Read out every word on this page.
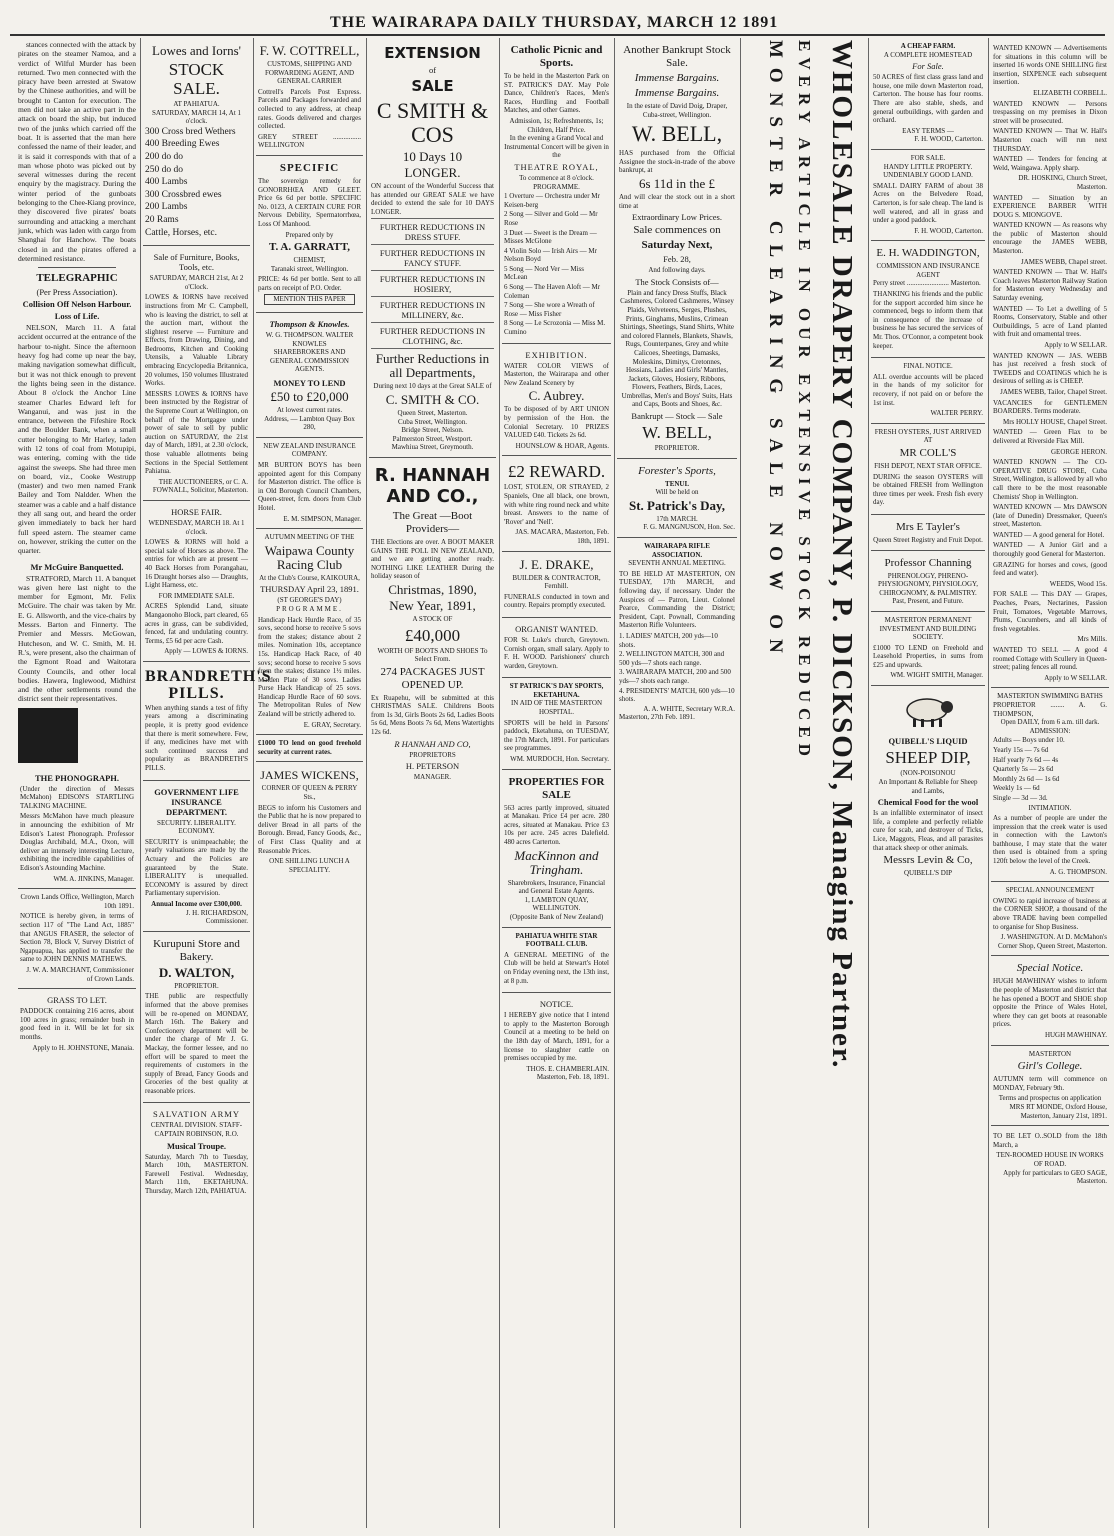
THE WAIRARAPA DAILY THURSDAY, MARCH 12 1891

stances connected with the attack by pirates on the steamer Namoa, and a verdict of Wilful Murder has been returned. Two men connected with the piracy have been arrested at Swatow by the Chinese authorities, and will be brought to Canton for execution. The men did not take an active part in the attack on board the ship, but induced two of the junks which carried off the boat. It is asserted that the man here confessed the name of their leader, and it is said it corresponds with that of a man whose photo was picked out by several witnesses during the recent enquiry by the magistracy. During the winter period of the gunboats belonging to the Chee-Kiang province, they discovered five pirates' boats surrounding and attacking a merchant junk, which was laden with cargo from Shanghai for Hanchow. The boats closed in and the pirates offered a determined resistance.

TELEGRAPHIC
(Per Press Association).
Collision Off Nelson Harbour.
Loss of Life.

NELSON, March 11. A fatal accident occurred at the entrance of the harbour to-night. Since the afternoon heavy fog had come up near the bay, making navigation somewhat difficult, but it was not thick enough to prevent the lights being seen in the distance. About 8 o'clock the Anchor Line steamer Charles Edward left for Wanganui, and was just in the entrance, between the Fifeshire Rock and the Boulder Bank, when a small cutter belonging to Mr Harley, laden with 12 tons of coal from Motupipi, was entering, coming with the tide against the sweeps. She had three men on board, viz., Cooke Westrupp (master) and two men named Frank Bailey and Tom Naldder. When the steamer was a cable and a half distance they all sang out, and heard the order given immediately to back her hard full speed astern. The steamer came on, however, striking the cutter on the quarter.

Mr McGuire Banquetted.

STRATFORD, March 11. A banquet was given here last night to the member for Egmont, Mr. Felix McGuire. The chair was taken by Mr. E. G. Allsworth, and the vice-chairs by Messrs. Barton and Finnerty. The Premier and Messrs. McGowan, Hutcheson, and W. C. Smith, M. H. R.'s, were present, also the chairman of the Egmont Road and Waitotara County Councils, and other local bodies. Hawera, Inglewood, Midhirst and the other settlements round the district sent their representatives.

THE PHONOGRAPH.
(Under the direction of Messrs McMahon) EDISON'S STARTLING TALKING MACHINE.

Messrs McMahon have much pleasure in announcing the exhibition of Mr Edison's Latest Phonograph. Professor Douglas Archibald, M.A., Oxon, will deliver an intensely interesting Lecture, exhibiting the incredible capabilities of Edison's Astounding Machine.

WM. A. JINKINS, Manager.
Crown Lands Office, Wellington, March 10th 1891.

NOTICE is hereby given, in terms of section 117 of "The Land Act, 1885" that ANGUS FRASER, the selector of Section 78, Block V, Survey District of Ngapuapua, has applied to transfer the same to JOHN DENNIS MATHEWS.

J. W. A. MARCHANT, Commissioner of Crown Lands.
GRASS TO LET.

PADDOCK containing 216 acres, about 100 acres in grass; remainder bush in good feed in it. Will be let for six months.

Apply to H. JOHNSTONE, Manaia.
Lowes and Iorns'
STOCK SALE.
AT PAHIATUA.
SATURDAY, MARCH 14, At 1 o'clock.
300 Cross bred Wethers
400 Breeding Ewes
200 do do
250 do do
400 Lambs
300 Crossbred ewes
200 Lambs
20 Rams
Cattle, Horses, etc.
Sale of Furniture, Books, Tools, etc.
SATURDAY, MARCH 21st, At 2 o'Clock.

LOWES & IORNS have received instructions from Mr C. Campbell, who is leaving the district, to sell at the auction mart, without the slightest reserve — Furniture and Effects, from Drawing, Dining, and Bedrooms, Kitchen and Cooking Utensils, a Valuable Library embracing Encyclopedia Britannica, 20 volumes, 150 volumes Illustrated Works.

MESSRS LOWES & IORNS have been instructed by the Registrar of the Supreme Court at Wellington, on behalf of the Mortgagee under power of sale to sell by public auction on SATURDAY, the 21st day of March, 1891, at 2.30 o'clock, those valuable allotments being Sections in the Special Settlement Pahiatua.

THE AUCTIONEERS, or C. A. FOWNALL, Solicitor, Masterton.
HORSE FAIR.
WEDNESDAY, MARCH 18. At 1 o'clock.

LOWES & IORNS will hold a special sale of Horses as above. The entries for which are at present — 40 Back Horses from Porangahau, 16 Draught horses also — Draughts, Light Harness, etc.

FOR IMMEDIATE SALE.

ACRES Splendid Land, situate Mangaonoho Block, part cleared, 65 acres in grass, can be subdivided, fenced, fat and undulating country. Terms, £5 6d per acre Cash.

Apply — LOWES & IORNS.
BRANDRETH'S PILLS.

When anything stands a test of fifty years among a discriminating people, it is pretty good evidence that there is merit somewhere. Few, if any, medicines have met with such continued success and popularity as BRANDRETH'S PILLS.

GOVERNMENT LIFE INSURANCE DEPARTMENT.
SECURITY. LIBERALITY. ECONOMY.

SECURITY is unimpeachable; the yearly valuations are made by the Actuary and the Policies are guaranteed by the State. LIBERALITY is unequalled. ECONOMY is assured by direct Parliamentary supervision.

Annual Income over £300,000.
J. H. RICHARDSON, Commissioner.
Kurupuni Store and Bakery.
D. WALTON,
PROPRIETOR.

THE public are respectfully informed that the above premises will be re-opened on MONDAY, March 16th. The Bakery and Confectionery department will be under the charge of Mr J. G. Mackay, the former lessee, and no effort will be spared to meet the requirements of customers in the supply of Bread, Fancy Goods and Groceries of the best quality at reasonable prices.

SALVATION ARMY
CENTRAL DIVISION. STAFF-CAPTAIN ROBINSON, R.O.
Musical Troupe.

Saturday, March 7th to Tuesday, March 10th, MASTERTON. Farewell Festival. Wednesday, March 11th, EKETAHUNA. Thursday, March 12th, PAHIATUA.

F. W. COTTRELL,
CUSTOMS, SHIPPING AND FORWARDING AGENT, AND GENERAL CARRIER

Cottrell's Parcels Post Express. Parcels and Packages forwarded and collected to any address, at cheap rates. Goods delivered and charges collected.

GREY STREET ................ WELLINGTON
SPECIFIC

The sovereign remedy for GONORRHŒA AND GLEET. Price 6s 6d per bottle. SPECIFIC No. 0123, A CERTAIN CURE FOR Nervous Debility, Spermatorrhœa, Loss Of Manhood.

Prepared only by
T. A. GARRATT,
CHEMIST,
Taranaki street, Wellington.

PRICE: 4s 6d per bottle. Sent to all parts on receipt of P.O. Order.

MENTION THIS PAPER
Thompson & Knowles.
W. G. THOMPSON. WALTER KNOWLES
SHAREBROKERS AND GENERAL COMMISSION AGENTS.
MONEY TO LEND
£50 to £20,000
At lowest current rates.
Address, — Lambton Quay Box 280,
NEW ZEALAND INSURANCE COMPANY.

MR BURTON BOYS has been appointed agent for this Company for Masterton district. The office is in Old Borough Council Chambers, Queen-street, fcm. doors from Club Hotel.

E. M. SIMPSON, Manager.
AUTUMN MEETING OF THE
Waipawa County Racing Club
At the Club's Course, KAIKOURA,
THURSDAY April 23, 1891.
(ST GEORGE'S DAY)
PROGRAMME.

Handicap Hack Hurdle Race, of 35 sovs, second horse to receive 5 sovs from the stakes; distance about 2 miles. Nomination 10s, acceptance 15s. Handicap Hack Race, of 40 sovs; second horse to receive 5 sovs from the stakes; distance 1½ miles. Maiden Plate of 30 sovs. Ladies Purse Hack Handicap of 25 sovs. Handicap Hurdle Race of 60 sovs. The Metropolitan Rules of New Zealand will be strictly adhered to.

E. GRAY, Secretary.
£1000 TO lend on good freehold security at current rates.
JAMES WICKENS,
CORNER OF QUEEN & PERRY Sts.,

BEGS to inform his Customers and the Public that he is now prepared to deliver Bread in all parts of the Borough. Bread, Fancy Goods, &c., of First Class Quality and at Reasonable Prices.

ONE SHILLING LUNCH A SPECIALITY.
EXTENSION
of
SALE
C SMITH & COS
10 Days 10
LONGER.

ON account of the Wonderful Success that has attended our GREAT SALE we have decided to extend the sale for 10 DAYS LONGER.

FURTHER REDUCTIONS IN DRESS STUFF.
FURTHER REDUCTIONS IN FANCY STUFF.
FURTHER REDUCTIONS IN HOSIERY,
FURTHER REDUCTIONS IN MILLINERY, &c.
FURTHER REDUCTIONS IN CLOTHING, &c.
Further Reductions in all Departments,
During next 10 days at the Great SALE of
C. SMITH & CO.
Queen Street, Masterton.
Cuba Street, Wellington.
Bridge Street, Nelson.
Palmerston Street, Westport.
Mawhiua Street, Greymouth.
R. HANNAH AND CO.,
The Great —Boot Providers—

THE Elections are over. A BOOT MAKER GAINS THE POLL IN NEW ZEALAND, and we are getting another ready. NOTHING LIKE LEATHER During the holiday season of

Christmas, 1890,
New Year, 1891,
A STOCK OF
£40,000
WORTH OF BOOTS AND SHOES To Select From.
274 PACKAGES JUST OPENED UP.

Ex Ruapehu, will be submitted at this CHRISTMAS SALE. Childrens Boots from 1s 3d, Girls Boots 2s 6d, Ladies Boots 5s 6d, Mens Boots 7s 6d, Mens Watertights 12s 6d.

R HANNAH AND CO,
PROPRIETORS
H. PETERSON
MANAGER.
Catholic Picnic and Sports.

To be held in the Masterton Park on ST. PATRICK'S DAY. May Pole Dance, Children's Races, Men's Races, Hurdling and Football Matches, and other Games.

Admission, 1s; Refreshments, 1s; Children, Half Price.
In the evening a Grand Vocal and Instrumental Concert will be given in the
THEATRE ROYAL,
To commence at 8 o'clock.
PROGRAMME.
1 Overture — Orchestra under Mr Keisen-berg
2 Song — Silver and Gold — Mr Rose
3 Duet — Sweet is the Dream — Misses McGlone
4 Violin Solo — Irish Airs — Mr Nelson Boyd
5 Song — Nord Ver — Miss McLean
6 Song — The Haven Aloft — Mr Coleman
7 Song — She wore a Wreath of Rose — Miss Fisher
8 Song — Le Scrozonia — Miss M. Cumino
EXHIBITION.

WATER COLOR VIEWS of Masterton, the Wairarapa and other New Zealand Scenery by

C. Aubrey.

To be disposed of by ART UNION by permission of the Hon. the Colonial Secretary. 10 PRIZES VALUED £40. Tickets 2s 6d.

HOUNSLOW & HOAR, Agents.
£2 REWARD.

LOST, STOLEN, OR STRAYED, 2 Spaniels, One all black, one brown, with white ring round neck and white breast. Answers to the name of 'Rover' and 'Nell'.

JAS. MACARA, Masterton, Feb. 18th, 1891.
J. E. DRAKE,
BUILDER & CONTRACTOR, Fernhill.

FUNERALS conducted in town and country. Repairs promptly executed.

ORGANIST WANTED.

FOR St. Luke's church, Greytown. Cornish organ, small salary. Apply to F. H. WOOD. Parishioners' church warden, Greytown.

ST PATRICK'S DAY SPORTS, EKETAHUNA.
IN AID OF THE MASTERTON HOSPITAL.

SPORTS will be held in Parsons' paddock, Eketahuna, on TUESDAY, the 17th March, 1891. For particulars see programmes.

WM. MURDOCH, Hon. Secretary.
PROPERTIES FOR SALE

563 acres partly improved, situated at Manakau. Price £4 per acre. 280 acres, situated at Manakau. Price £3 10s per acre. 245 acres Dalefield. 480 acres Carterton.

MacKinnon and Tringham.
Sharebrokers, Insurance, Financial and General Estate Agents.
1, LAMBTON QUAY, WELLINGTON.
(Opposite Bank of New Zealand)
PAHIATUA WHITE STAR FOOTBALL CLUB.

A GENERAL MEETING of the Club will be held at Stewart's Hotel on Friday evening next, the 13th inst, at 8 p.m.

NOTICE.

I HEREBY give notice that I intend to apply to the Masterton Borough Council at a meeting to be held on the 18th day of March, 1891, for a license to slaughter cattle on premises occupied by me.

THOS. E. CHAMBERLAIN. Masterton, Feb. 18, 1891.
Another Bankrupt Stock Sale.
Immense Bargains.
Immense Bargains.
In the estate of David Doig, Draper, Cuba-street, Wellington.
W. BELL,

HAS purchased from the Official Assignee the stock-in-trade of the above bankrupt, at

6s 11d in the £

And will clear the stock out in a short time at

Extraordinary Low Prices.
Sale commences on
Saturday Next,
Feb. 28,
And following days.
The Stock Consists of—

Plain and fancy Dress Stuffs, Black Cashmeres, Colored Cashmeres, Winsey Plaids, Velveteens, Serges, Plushes, Prints, Ginghams, Muslins, Crimean Shirtings, Sheetings, Stand Shirts, White and colored Flannels, Blankets, Shawls, Rugs, Counterpanes, Grey and white Calicoes, Sheetings, Damasks, Moleskins, Dimitys, Cretonnes, Hessians, Ladies and Girls' Mantles, Jackets, Gloves, Hosiery, Ribbons, Flowers, Feathers, Birds, Laces, Umbrellas, Men's and Boys' Suits, Hats and Caps, Boots and Shoes, &c.

Bankrupt — Stock — Sale
W. BELL,
PROPRIETOR.
Forester's Sports,
TENUI.
Will be held on
St. Patrick's Day,
17th MARCH.
F. G. MANGNUSON, Hon. Sec.
WAIRARAPA RIFLE ASSOCIATION.
SEVENTH ANNUAL MEETING.

TO BE HELD AT MASTERTON, ON TUESDAY, 17th MARCH, and following day, if necessary. Under the Auspices of — Patron, Lieut. Colonel Pearce, Commanding the District; President, Capt. Pownall, Commanding Masterton Rifle Volunteers.

1. LADIES' MATCH, 200 yds—10 shots.
2. WELLINGTON MATCH, 300 and 500 yds—7 shots each range.
3. WAIRARAPA MATCH, 200 and 500 yds—7 shots each range.
4. PRESIDENTS' MATCH, 600 yds—10 shots.
A. A. WHITE, Secretary W.R.A.
Masterton, 27th Feb. 1891.	WHOLESALE DRAPERY COMPANY, P. DICKSON, Managing Partner.
MONSTER CLEARING SALE NOW ON EVERY ARTICLE IN OUR EXTENSIVE STOCK REDUCED	A CHEAP FARM.
A COMPLETE HOMESTEAD
For Sale.

50 ACRES of first class grass land and house, one mile down Masterton road, Carterton. The house has four rooms. There are also stable, sheds, and general outbuildings, with garden and orchard.

EASY TERMS —
F. H. WOOD, Carterton.
FOR SALE.
HANDY LITTLE PROPERTY.
UNDENIABLY GOOD LAND.

SMALL DAIRY FARM of about 38 Acres on the Belvedere Road, Carterton, is for sale cheap. The land is well watered, and all in grass and under a good paddock.

F. H. WOOD, Carterton.
E. H. WADDINGTON,
COMMISSION AND INSURANCE AGENT
Perry street ........................ Masterton.

THANKING his friends and the public for the support accorded him since he commenced, begs to inform them that in consequence of the increase of business he has secured the services of Mr. Thos. O'Connor, a competent book keeper.

FINAL NOTICE.

ALL overdue accounts will be placed in the hands of my solicitor for recovery, if not paid on or before the 1st inst.

WALTER PERRY.
FRESH OYSTERS, JUST ARRIVED AT
MR COLL'S
FISH DEPOT, NEXT STAR OFFICE.

DURING the season OYSTERS will be obtained FRESH from Wellington three times per week. Fresh fish every day.

Mrs E Tayler's
Queen Street Registry and Fruit Depot.
Professor Channing
PHRENOLOGY, PHRENO-PHYSIOGNOMY, PHYSIOLOGY, CHIROGNOMY, & PALMISTRY.
Past, Present, and Future.
MASTERTON PERMANENT INVESTMENT AND BUILDING SOCIETY.

£1000 TO LEND on Freehold and Leasehold Properties, in sums from £25 and upwards.

WM. WIGHT SMITH, Manager.
QUIBELL'S LIQUID
SHEEP DIP,
(NON-POISONOU
An Important & Reliable for Sheep and Lambs,
Chemical Food for the wool

Is an infallible exterminator of insect life, a complete and perfectly reliable cure for scab, and destroyer of Ticks, Lice, Maggots, Fleas, and all parasites that attack sheep or other animals.

Messrs Levin & Co,
QUIBELL'S DIP

WANTED KNOWN — Advertisements for situations in this column will be inserted 16 words ONE SHILLING first insertion, SIXPENCE each subsequent insertion.

ELIZABETH CORBELL.

WANTED KNOWN — Persons trespassing on my premises in Dixon street will be prosecuted.

WANTED KNOWN — That W. Hall's Masterton coach will run next THURSDAY.

WANTED — Tenders for fencing at Weld, Waingawa. Apply sharp.

DR. HOSKING, Church Street, Masterton.

WANTED — Situation by an EXPERIENCE BARBER WITH DOUG S. MIONGOVE.

WANTED KNOWN — As reasons why the public of Masterton should encourage the JAMES WEBB, Masterton.

JAMES WEBB, Chapel street.

WANTED KNOWN — That W. Hall's Coach leaves Masterton Railway Station for Masterton every Wednesday and Saturday evening.

WANTED — To Let a dwelling of 5 Rooms, Conservatory, Stable and other Outbuildings, 5 acre of Land planted with fruit and ornamental trees.

Apply to W SELLAR.

WANTED KNOWN — JAS. WEBB has just received a fresh stock of TWEEDS and COATINGS which he is desirous of selling as is CHEEP.

JAMES WEBB, Tailor, Chapel Street.

VACANCIES for GENTLEMEN BOARDERS. Terms moderate.

Mrs HOLLY HOUSE, Chapel Street.

WANTED — Green Flax to be delivered at Riverside Flax Mill.

GEORGE HERON.

WANTED KNOWN — The CO-OPERATIVE DRUG STORE, Cuba Street, Wellington, is allowed by all who call there to be the most reasonable Chemists' Shop in Wellington.

WANTED KNOWN — Mrs DAWSON (late of Dunedin) Dressmaker, Queen's street, Masterton.

WANTED — A good general for Hotel.

WANTED — A Junior Girl and a thoroughly good General for Masterton.

GRAZING for horses and cows, (good feed and water).

WEEDS, Wood 15s.

FOR SALE — This DAY — Grapes, Peaches, Pears, Nectarines, Passion Fruit, Tomatoes, Vegetable Marrows, Plums, Cucumbers, and all kinds of fresh vegetables.

Mrs Mills.

WANTED TO SELL — A good 4 roomed Cottage with Scullery in Queen-street; paling fences all round.

Apply to W SELLAR.
MASTERTON SWIMMING BATHS
PROPRIETOR ........ A. G. THOMPSON,
Open DAILY, from 6 a.m. till dark.
ADMISSION:
Adults — Boys under 10.
Yearly 15s — 7s 6d
Half yearly 7s 6d — 4s
Quarterly 5s — 2s 6d
Monthly 2s 6d — 1s 6d
Weekly 1s — 6d
Single — 3d — 3d.
INTIMATION.

As a number of people are under the impression that the creek water is used in connection with the Lawton's bathhouse, I may state that the water then used is obtained from a spring 120ft below the level of the Creek.

A. G. THOMPSON.
SPECIAL ANNOUNCEMENT

OWING to rapid increase of business at the CORNER SHOP, a thousand of the above TRADE having been compelled to organise for Shop Business.

J. WASHINGTON. At D. McMahon's Corner Shop, Queen Street, Masterton.
Special Notice.

HUGH MAWHINAY wishes to inform the people of Masterton and district that he has opened a BOOT and SHOE shop opposite the Prince of Wales Hotel, where they can get boots at reasonable prices.

HUGH MAWHINAY.
MASTERTON
Girl's College.

AUTUMN term will commence on MONDAY, February 9th.

Terms and prospectus on application
MRS RT MONDE, Oxford House, Masterton, January 21st, 1891.

TO BE LET O..SOLD from the 18th March, a

TEN-ROOMED HOUSE IN WORKS OF ROAD.
Apply for particulars to GEO SAGE, Masterton.
